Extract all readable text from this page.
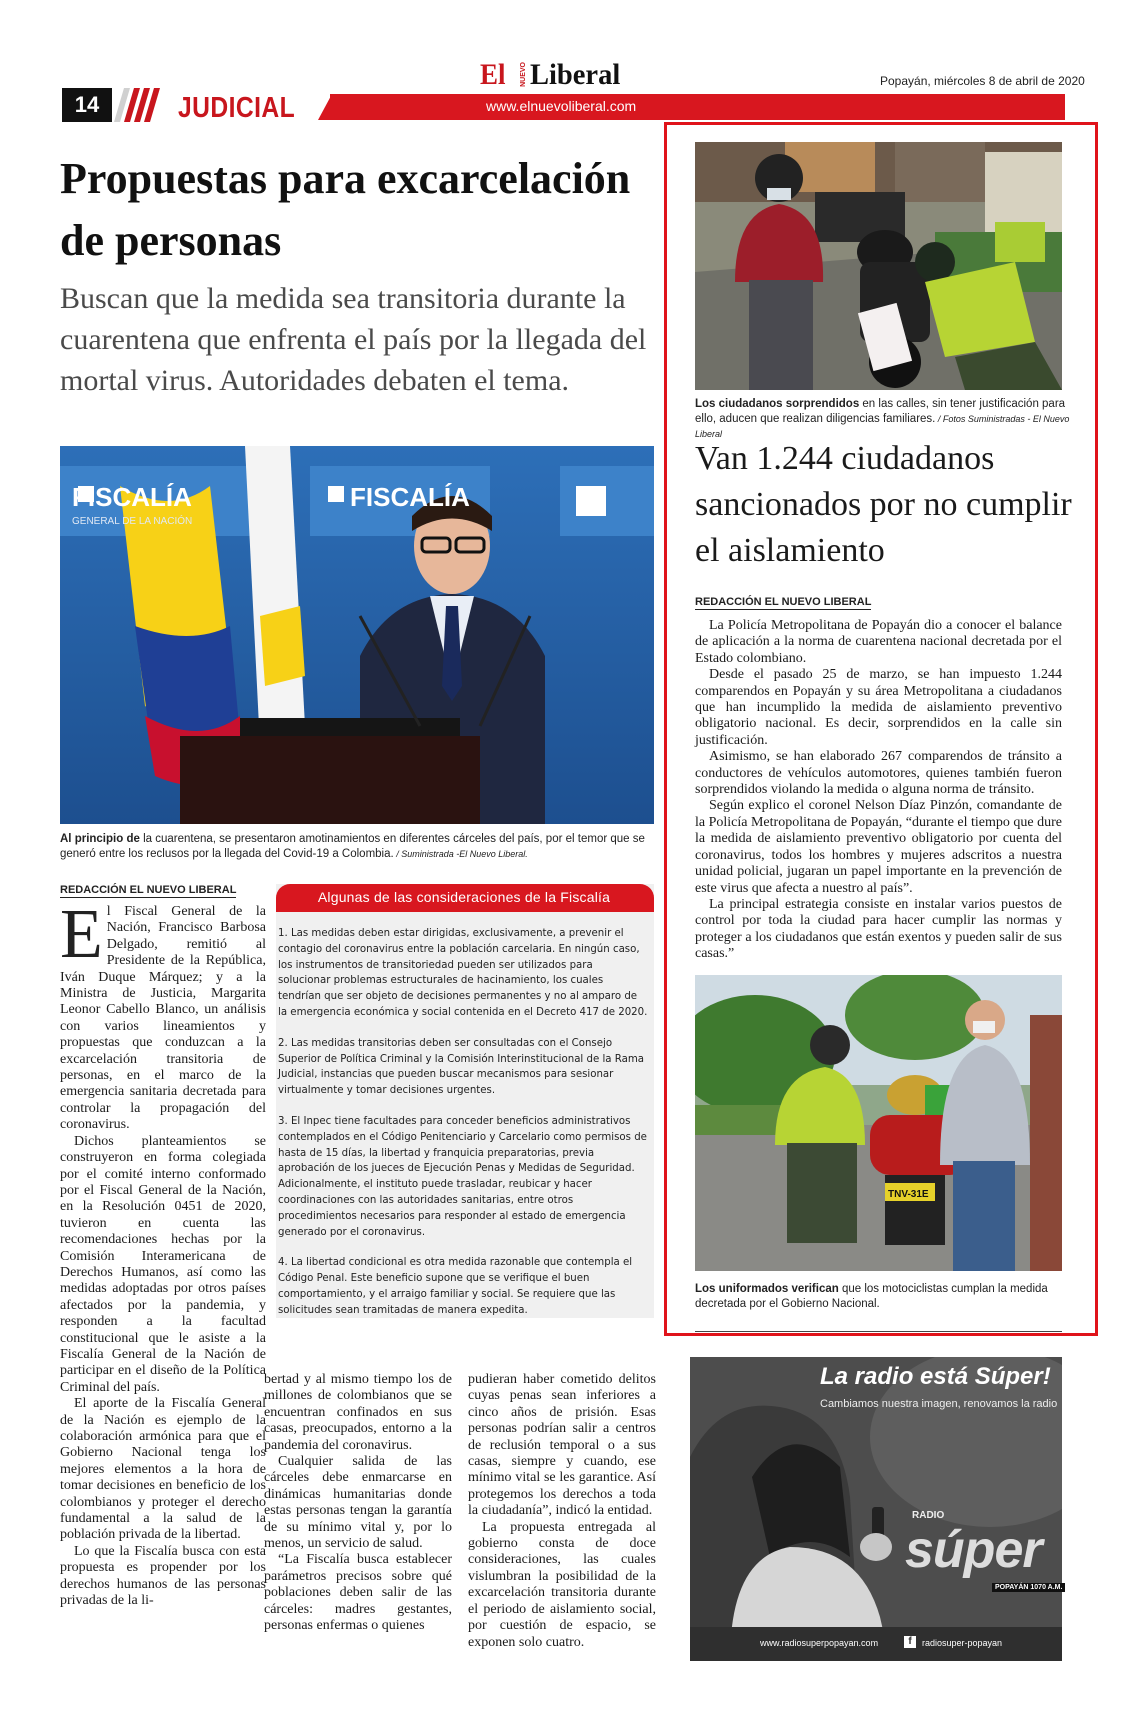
14	JUDICIAL
El NUEVO Liberal
www.elnuevoliberal.com
Popayán, miércoles 8 de abril de 2020
Propuestas para excarcelación de personas
Buscan que la medida sea transitoria durante la cuarentena que enfrenta el país por la llegada del mortal virus. Autoridades debaten el tema.
FISCALÍA	FISCALÍA
GENERAL DE LA NACIÓN
Al principio de la cuarentena, se presentaron amotinamientos en diferentes cárceles del país, por el temor que se generó entre los reclusos por la llegada del Covid-19 a Colombia. / Suministrada -El Nuevo Liberal.
REDACCIÓN EL NUEVO LIBERAL

El Fiscal General de la Nación, Francisco Barbosa Delgado, remitió al Presidente de la República, Iván Duque Márquez; y a la Ministra de Justicia, Margarita Leonor Cabello Blanco, un análisis con varios lineamientos y propuestas que conduzcan a la excarcelación transitoria de personas, en el marco de la emergencia sanitaria decretada para controlar la propagación del coronavirus.

Dichos planteamientos se construyeron en forma colegiada por el comité interno conformado por el Fiscal General de la Nación, en la Resolución 0451 de 2020, tuvieron en cuenta las recomendaciones hechas por la Comisión Interamericana de Derechos Humanos, así como las medidas adoptadas por otros países afectados por la pandemia, y responden a la facultad constitucional que le asiste a la Fiscalía General de la Nación de participar en el diseño de la Política Criminal del país.

El aporte de la Fiscalía General de la Nación es ejemplo de la colaboración armónica para que el Gobierno Nacional tenga los mejores elementos a la hora de tomar decisiones en beneficio de los colombianos y proteger el derecho fundamental a la salud de la población privada de la libertad.

Lo que la Fiscalía busca con esta propuesta es propender por los derechos humanos de las personas privadas de la li-

bertad y al mismo tiempo los de millones de colombianos que se encuentran confinados en sus casas, preocupados, entorno a la pandemia del coronavirus.

Cualquier salida de las cárceles debe enmarcarse en dinámicas humanitarias donde estas personas tengan la garantía de su mínimo vital y, por lo menos, un servicio de salud.

“La Fiscalía busca establecer parámetros precisos sobre qué poblaciones deben salir de las cárceles: madres gestantes, personas enfermas o quienes

pudieran haber cometido delitos cuyas penas sean inferiores a cinco años de prisión. Esas personas podrían salir a centros de reclusión temporal o a sus casas, siempre y cuando, ese mínimo vital se les garantice. Así protegemos los derechos a toda la ciudadanía”, indicó la entidad.

La propuesta entregada al gobierno consta de doce consideraciones, las cuales vislumbran la posibilidad de la excarcelación transitoria durante el periodo de aislamiento social, por cuestión de espacio, se exponen solo cuatro.

Algunas de las consideraciones de la Fiscalía

1. Las medidas deben estar dirigidas, exclusivamente, a prevenir el contagio del coronavirus entre la población carcelaria. En ningún caso, los instrumentos de transitoriedad pueden ser utilizados para solucionar problemas estructurales de hacinamiento, los cuales tendrían que ser objeto de decisiones permanentes y no al amparo de la emergencia económica y social contenida en el Decreto 417 de 2020.

2. Las medidas transitorias deben ser consultadas con el Consejo Superior de Política Criminal y la Comisión Interinstitucional de la Rama Judicial, instancias que pueden buscar mecanismos para sesionar virtualmente y tomar decisiones urgentes.

3. El Inpec tiene facultades para conceder beneficios administrativos contemplados en el Código Penitenciario y Carcelario como permisos de hasta de 15 días, la libertad y franquicia preparatorias, previa aprobación de los jueces de Ejecución Penas y Medidas de Seguridad. Adicionalmente, el instituto puede trasladar, reubicar y hacer coordinaciones con las autoridades sanitarias, entre otros procedimientos necesarios para responder al estado de emergencia generado por el coronavirus.

4. La libertad condicional es otra medida razonable que contempla el Código Penal. Este beneficio supone que se verifique el buen comportamiento, y el arraigo familiar y social. Se requiere que las solicitudes sean tramitadas de manera expedita.

Los ciudadanos sorprendidos en las calles, sin tener justificación para ello, aducen que realizan diligencias familiares. / Fotos Suministradas - El Nuevo Liberal
Van 1.244 ciudadanos sancionados por no cumplir el aislamiento
REDACCIÓN EL NUEVO LIBERAL

La Policía Metropolitana de Popayán dio a conocer el balance de aplicación a la norma de cuarentena nacional decretada por el Estado colombiano.

Desde el pasado 25 de marzo, se han impuesto 1.244 comparendos en Popayán y su área Metropolitana a ciudadanos que han incumplido la medida de aislamiento preventivo obligatorio nacional. Es decir, sorprendidos en la calle sin justificación.

Asimismo, se han elaborado 267 comparendos de tránsito a conductores de vehículos automotores, quienes también fueron sorprendidos violando la medida o alguna norma de tránsito.

Según explico el coronel Nelson Díaz Pinzón, comandante de la Policía Metropolitana de Popayán, “durante el tiempo que dure la medida de aislamiento preventivo obligatorio por cuenta del coronavirus, todos los hombres y mujeres adscritos a nuestra unidad policial, jugaran un papel importante en la prevención de este virus que afecta a nuestro al país”.

La principal estrategia consiste en instalar varios puestos de control por toda la ciudad para hacer cumplir las normas y proteger a los ciudadanos que están exentos y pueden salir de sus casas.”

TNV-31E
Los uniformados verifican que los motociclistas cumplan la medida decretada por el Gobierno Nacional.
La radio está Súper!
Cambiamos nuestra imagen, renovamos la radio
RADIO
súper
POPAYÁN 1070 A.M.
www.radiosuperpopayan.com	f	radiosuper-popayan
